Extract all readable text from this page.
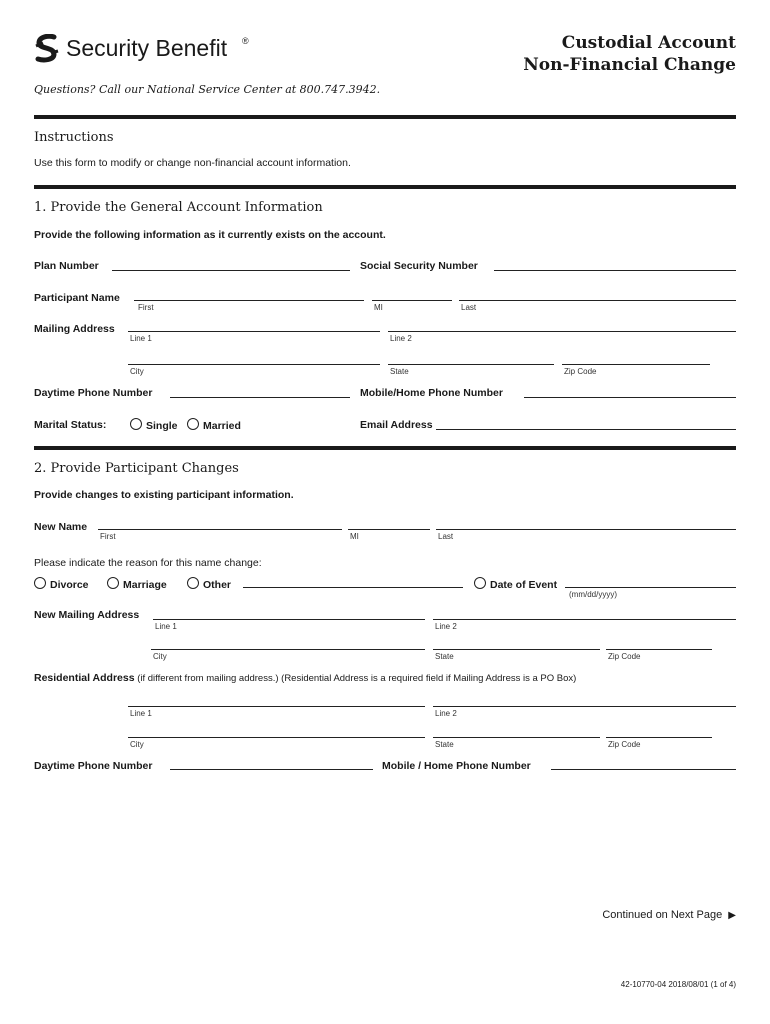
Security Benefit ®	Custodial Account
Non-Financial Change
Questions? Call our National Service Center at 800.747.3942.
Instructions
Use this form to modify or change non-financial account information.
1. Provide the General Account Information
Provide the following information as it currently exists on the account.
Plan Number	Social Security Number
Participant Name
First	MI	Last
Mailing Address
Line 1	Line 2
City	State	Zip Code
Daytime Phone Number	Mobile/Home Phone Number
Marital Status:	Single	Married	Email Address
2. Provide Participant Changes
Provide changes to existing participant information.
New Name
First	MI	Last
Please indicate the reason for this name change:
Divorce	Marriage	Other	Date of Event
(mm/dd/yyyy)
New Mailing Address
Line 1	Line 2
City	State	Zip Code
Residential Address (if different from mailing address.) (Residential Address is a required field if Mailing Address is a PO Box)
Line 1	Line 2
City	State	Zip Code
Daytime Phone Number	Mobile / Home Phone Number
Continued on Next Page ▶
42-10770-04 2018/08/01 (1 of 4)
